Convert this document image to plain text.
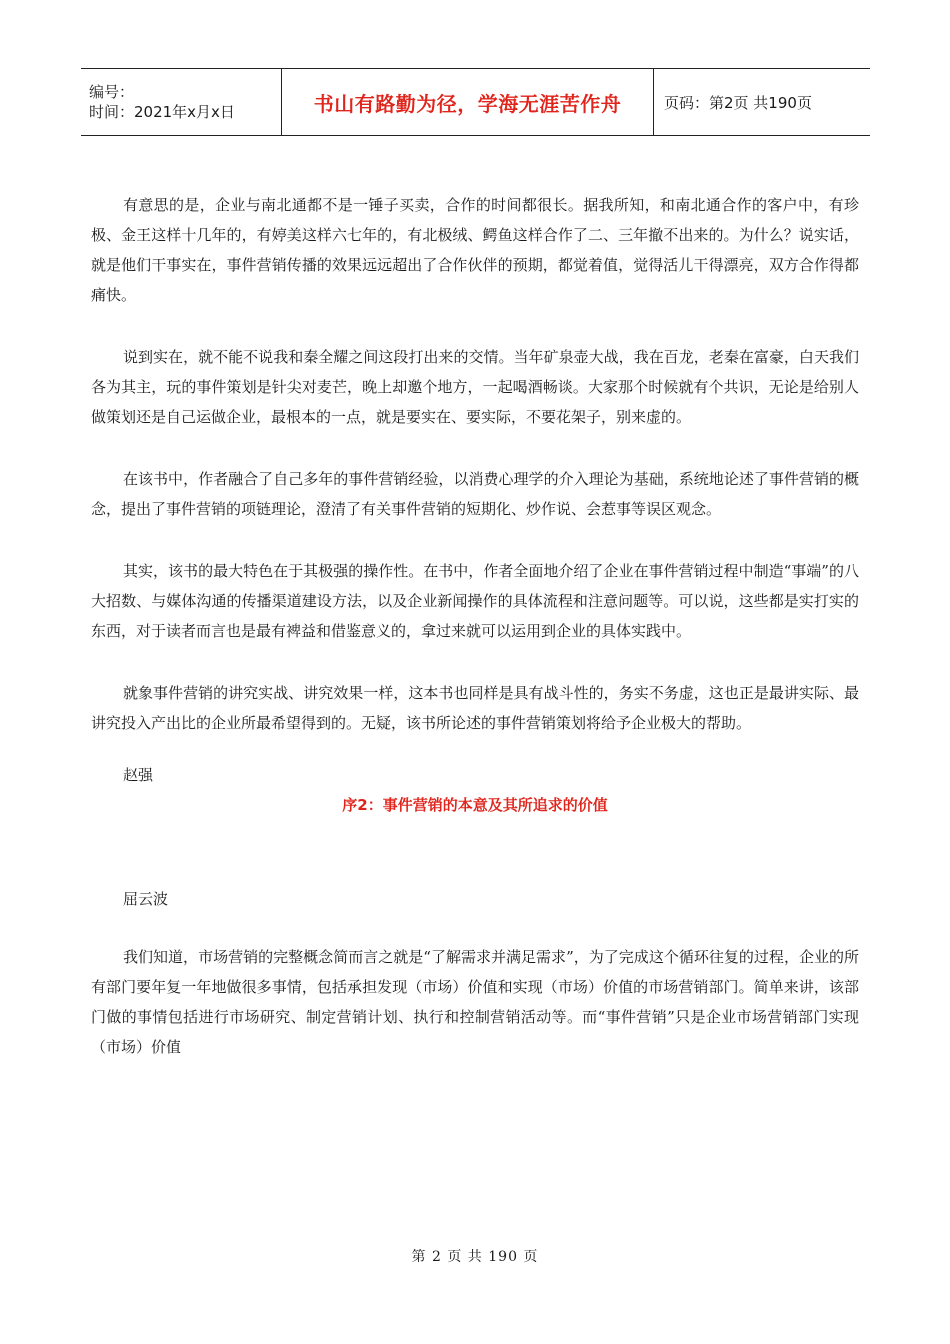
编号：
时间：2021年x月x日	书山有路勤为径，学海无涯苦作舟	页码：第2页 共190页

有意思的是，企业与南北通都不是一锤子买卖，合作的时间都很长。据我所知，和南北通合作的客户中，有珍极、金王这样十几年的，有婷美这样六七年的，有北极绒、鳄鱼这样合作了二、三年撤不出来的。为什么？说实话，就是他们干事实在，事件营销传播的效果远远超出了合作伙伴的预期，都觉着值，觉得活儿干得漂亮，双方合作得都痛快。

说到实在，就不能不说我和秦全耀之间这段打出来的交情。当年矿泉壶大战，我在百龙，老秦在富豪，白天我们各为其主，玩的事件策划是针尖对麦芒，晚上却邀个地方，一起喝酒畅谈。大家那个时候就有个共识，无论是给别人做策划还是自己运做企业，最根本的一点，就是要实在、要实际，不要花架子，别来虚的。

在该书中，作者融合了自己多年的事件营销经验，以消费心理学的介入理论为基础，系统地论述了事件营销的概念，提出了事件营销的项链理论，澄清了有关事件营销的短期化、炒作说、会惹事等误区观念。

其实，该书的最大特色在于其极强的操作性。在书中，作者全面地介绍了企业在事件营销过程中制造“事端”的八大招数、与媒体沟通的传播渠道建设方法，以及企业新闻操作的具体流程和注意问题等。可以说，这些都是实打实的东西，对于读者而言也是最有裨益和借鉴意义的，拿过来就可以运用到企业的具体实践中。

就象事件营销的讲究实战、讲究效果一样，这本书也同样是具有战斗性的，务实不务虚，这也正是最讲实际、最讲究投入产出比的企业所最希望得到的。无疑，该书所论述的事件营销策划将给予企业极大的帮助。

赵强

序2：事件营销的本意及其所追求的价值

屈云波

我们知道，市场营销的完整概念简而言之就是“了解需求并满足需求”，为了完成这个循环往复的过程，企业的所有部门要年复一年地做很多事情，包括承担发现（市场）价值和实现（市场）价值的市场营销部门。简单来讲，该部门做的事情包括进行市场研究、制定营销计划、执行和控制营销活动等。而“事件营销”只是企业市场营销部门实现（市场）价值

第 2 页 共 190 页
